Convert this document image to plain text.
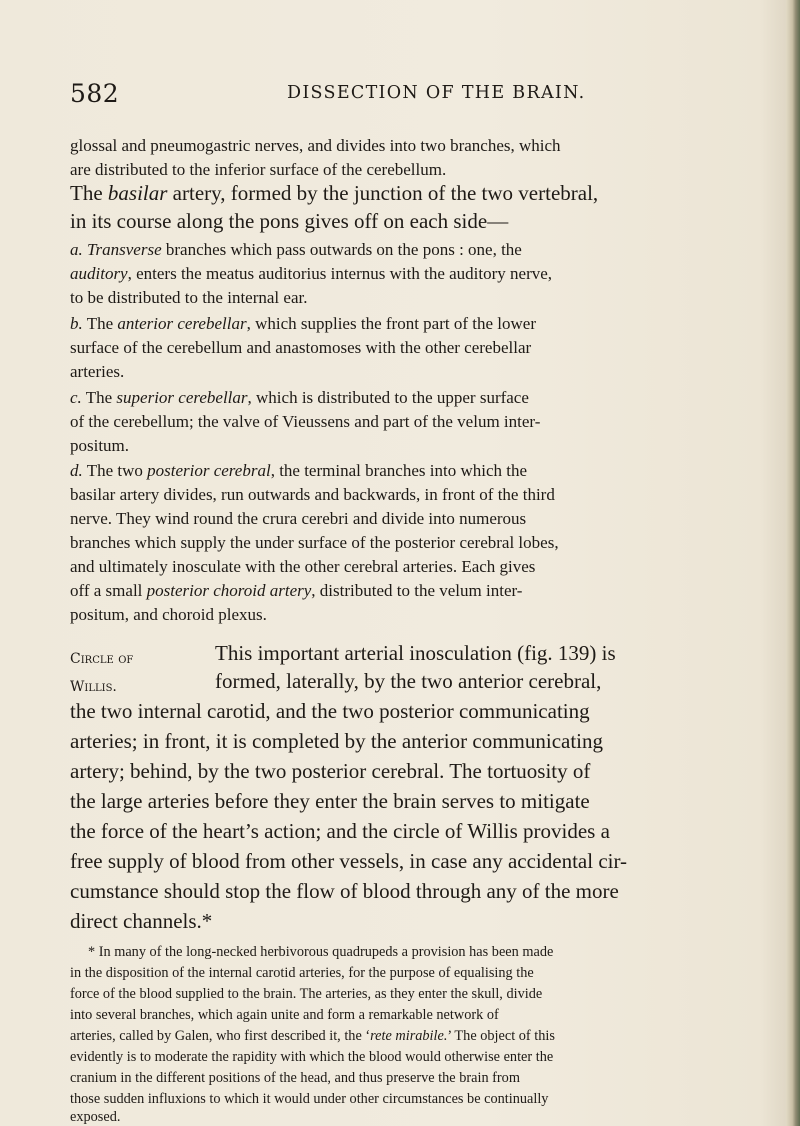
582	DISSECTION OF THE BRAIN.
glossal and pneumogastric nerves, and divides into two branches, which
are distributed to the inferior surface of the cerebellum.
The basilar artery, formed by the junction of the two vertebral,
in its course along the pons gives off on each side—
a. Transverse branches which pass outwards on the pons : one, the
auditory, enters the meatus auditorius internus with the auditory nerve,
to be distributed to the internal ear.
b. The anterior cerebellar, which supplies the front part of the lower
surface of the cerebellum and anastomoses with the other cerebellar
arteries.
c. The superior cerebellar, which is distributed to the upper surface
of the cerebellum; the valve of Vieussens and part of the velum inter-
positum.
d. The two posterior cerebral, the terminal branches into which the
basilar artery divides, run outwards and backwards, in front of the third
nerve. They wind round the crura cerebri and divide into numerous
branches which supply the under surface of the posterior cerebral lobes,
and ultimately inosculate with the other cerebral arteries. Each gives
off a small posterior choroid artery, distributed to the velum inter-
positum, and choroid plexus.
Circle of
Willis.
This important arterial inosculation (fig. 139) is
formed, laterally, by the two anterior cerebral,
the two internal carotid, and the two posterior communicating
arteries; in front, it is completed by the anterior communicating
artery; behind, by the two posterior cerebral. The tortuosity of
the large arteries before they enter the brain serves to mitigate
the force of the heart’s action; and the circle of Willis provides a
free supply of blood from other vessels, in case any accidental cir-
cumstance should stop the flow of blood through any of the more
direct channels.*
* In many of the long-necked herbivorous quadrupeds a provision has been made
in the disposition of the internal carotid arteries, for the purpose of equalising the
force of the blood supplied to the brain. The arteries, as they enter the skull, divide
into several branches, which again unite and form a remarkable network of
arteries, called by Galen, who first described it, the ‘rete mirabile.’ The object of this
evidently is to moderate the rapidity with which the blood would otherwise enter the
cranium in the different positions of the head, and thus preserve the brain from
those sudden influxions to which it would under other circumstances be continually
exposed.
